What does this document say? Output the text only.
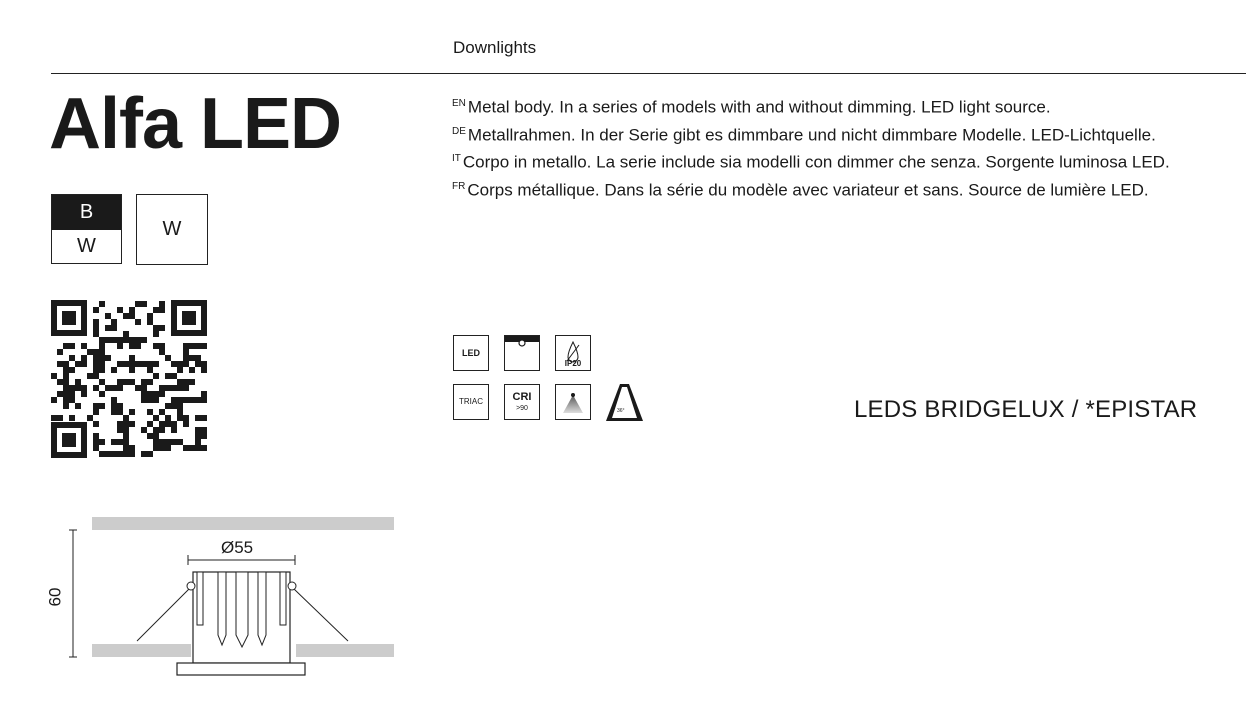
Downlights
Alfa LED	$^{EN}$ Metal body. In a series of models with and without dimming. LED light source.
$^{DE}$ Metallrahmen. In der Serie gibt es dimmbare und nicht dimmbare Modelle. LED-Lichtquelle.
$^{IT}$ Corpo in metallo. La serie include sia modelli con dimmer che senza. Sorgente luminosa LED.
$^{FR}$ Corps métallique. Dans la série du modèle avec variateur et sans. Source de lumière LED.
B
W
W
LED
IP20
TRIAC	CRI
>90	36°	LEDS BRIDGELUX / *EPISTAR
Ø55
60
